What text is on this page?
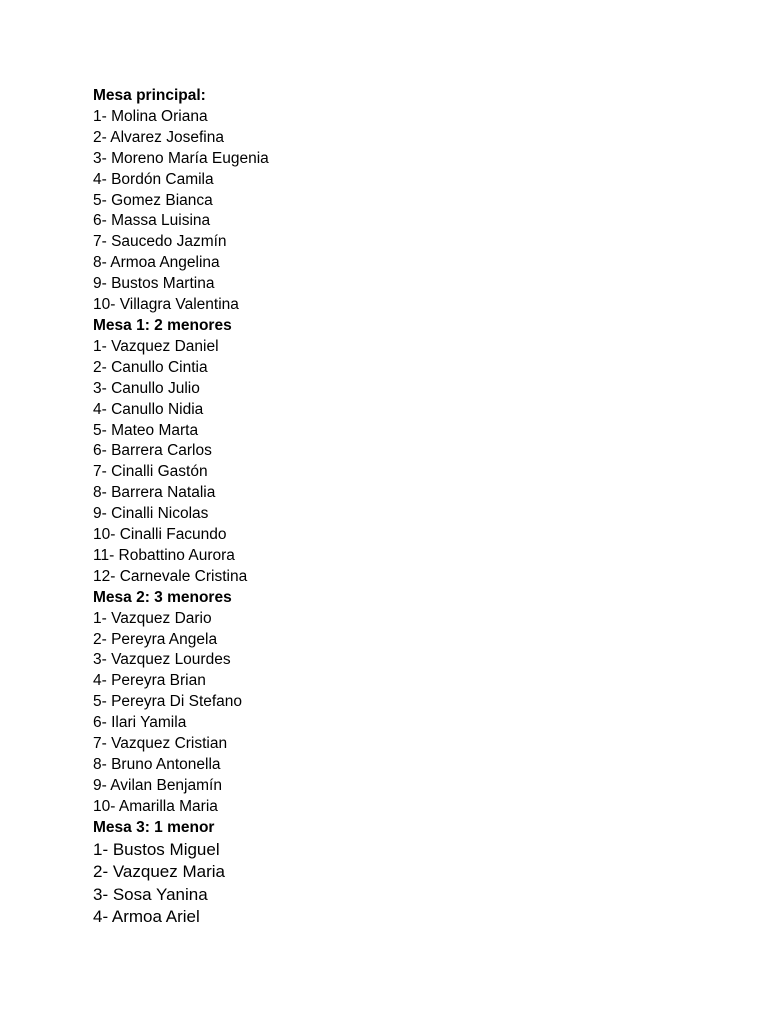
Mesa principal:
1- Molina Oriana
2- Alvarez Josefina
3- Moreno María Eugenia
4- Bordón Camila
5- Gomez Bianca
6- Massa Luisina
7- Saucedo Jazmín
8- Armoa Angelina
9- Bustos Martina
10- Villagra Valentina
Mesa 1: 2 menores
1- Vazquez Daniel
2- Canullo Cintia
3- Canullo Julio
4- Canullo Nidia
5- Mateo Marta
6- Barrera Carlos
7- Cinalli Gastón
8- Barrera Natalia
9- Cinalli Nicolas
10- Cinalli Facundo
11- Robattino Aurora
12- Carnevale Cristina
Mesa 2: 3 menores
1- Vazquez Dario
2- Pereyra Angela
3- Vazquez Lourdes
4- Pereyra Brian
5- Pereyra Di Stefano
6- Ilari Yamila
7- Vazquez Cristian
8- Bruno Antonella
9- Avilan Benjamín
10- Amarilla Maria
Mesa 3: 1 menor
1- Bustos Miguel
2- Vazquez Maria
3- Sosa Yanina
4- Armoa Ariel
